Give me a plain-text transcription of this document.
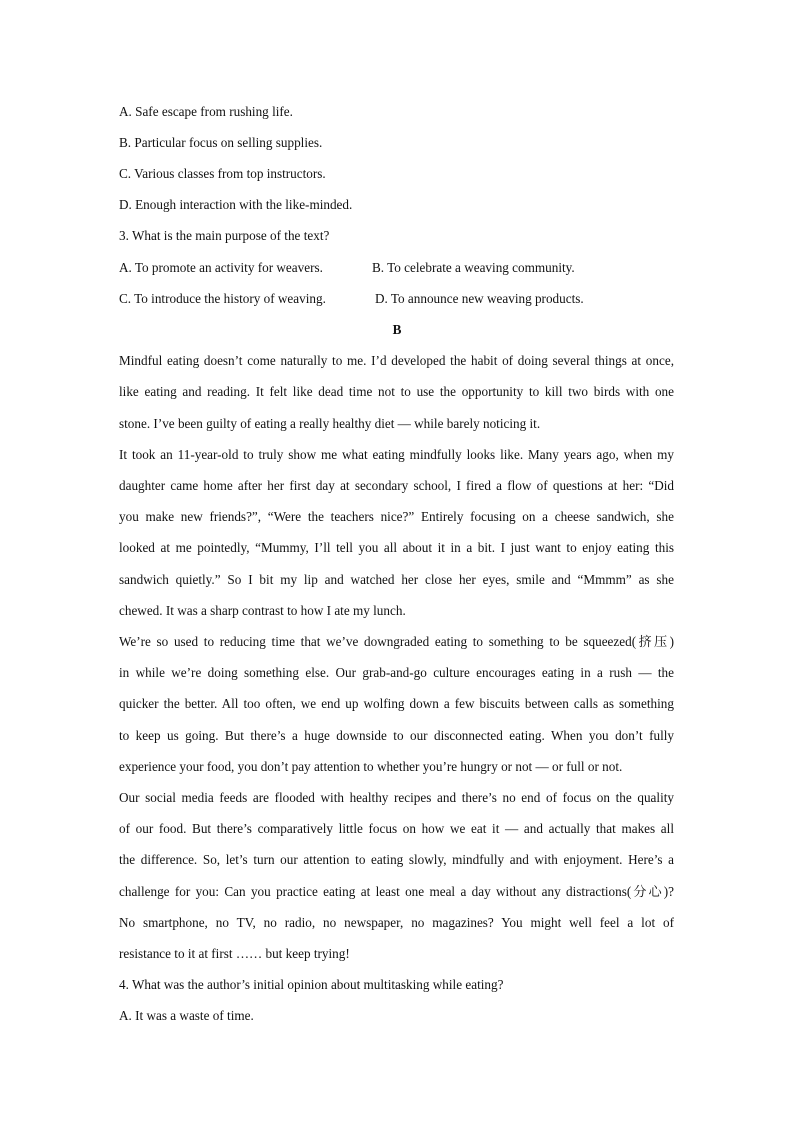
A. Safe escape from rushing life.
B. Particular focus on selling supplies.
C. Various classes from top instructors.
D. Enough interaction with the like-minded.
3. What is the main purpose of the text?
A. To promote an activity for weavers.	B. To celebrate a weaving community.
C. To introduce the history of weaving.	D. To announce new weaving products.
B
Mindful eating doesn’t come naturally to me. I’d developed the habit of doing several things at once,
like eating and reading. It felt like dead time not to use the opportunity to kill two birds with one
stone. I’ve been guilty of eating a really healthy diet — while barely noticing it.
It took an 11-year-old to truly show me what eating mindfully looks like. Many years ago, when my
daughter came home after her first day at secondary school, I fired a flow of questions at her: “Did
you make new friends?”, “Were the teachers nice?” Entirely focusing on a cheese sandwich, she
looked at me pointedly, “Mummy, I’ll tell you all about it in a bit. I just want to enjoy eating this
sandwich quietly.” So I bit my lip and watched her close her eyes, smile and “Mmmm” as she
chewed. It was a sharp contrast to how I ate my lunch.
We’re so used to reducing time that we’ve downgraded eating to something to be squeezed(挤压)
in while we’re doing something else. Our grab-and-go culture encourages eating in a rush — the
quicker the better. All too often, we end up wolfing down a few biscuits between calls as something
to keep us going. But there’s a huge downside to our disconnected eating. When you don’t fully
experience your food, you don’t pay attention to whether you’re hungry or not — or full or not.
Our social media feeds are flooded with healthy recipes and there’s no end of focus on the quality
of our food. But there’s comparatively little focus on how we eat it — and actually that makes all
the difference. So, let’s turn our attention to eating slowly, mindfully and with enjoyment. Here’s a
challenge for you: Can you practice eating at least one meal a day without any distractions(分心)?
No smartphone, no TV, no radio, no newspaper, no magazines? You might well feel a lot of
resistance to it at first …… but keep trying!
4. What was the author’s initial opinion about multitasking while eating?
A. It was a waste of time.
